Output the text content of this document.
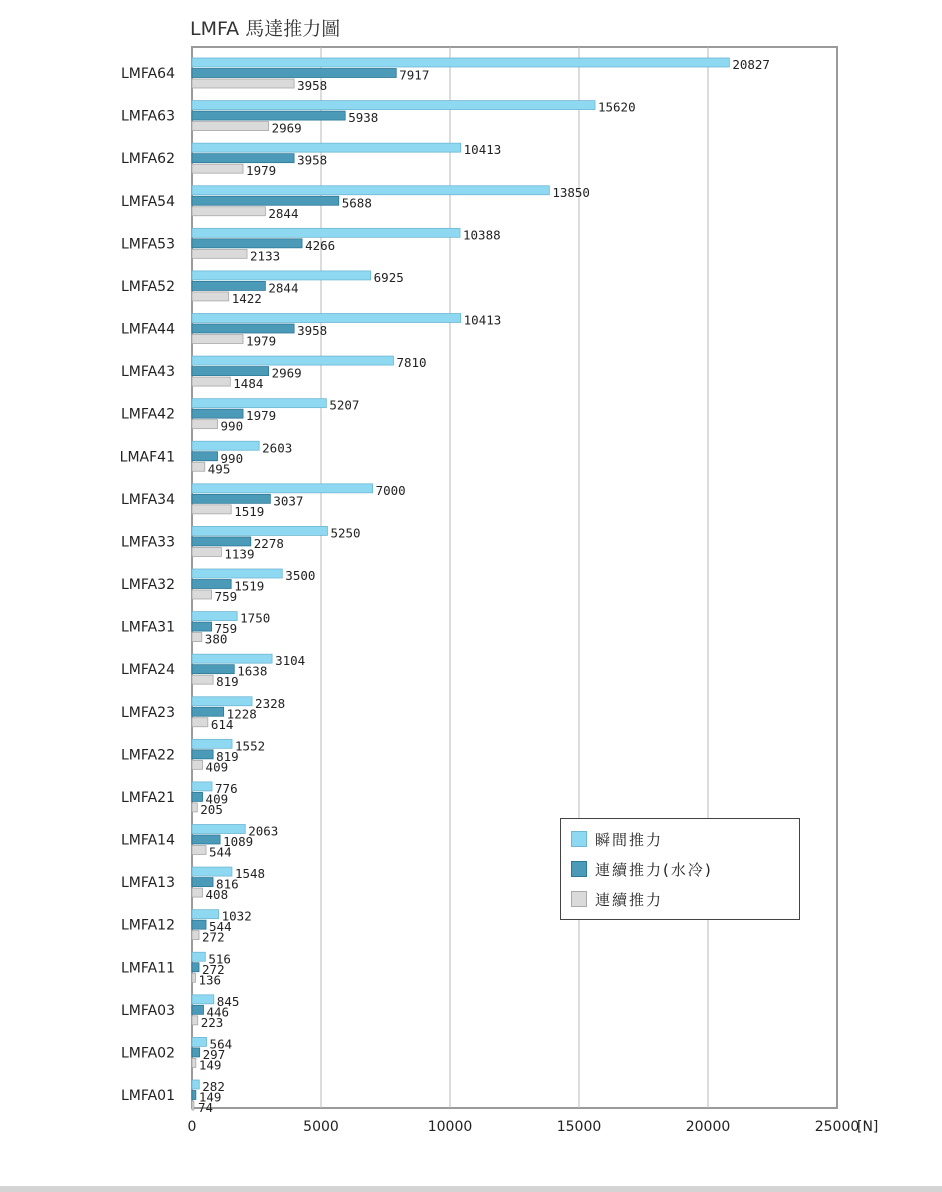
LMFA 馬達推力圖
0	5000	10000	15000	20000	25000
[N]
LMFA64
20827
7917
3958
LMFA63
15620
5938
2969
LMFA62
10413
3958
1979
LMFA54
13850
5688
2844
LMFA53
10388
4266
2133
LMFA52
6925
2844
1422
LMFA44
10413
3958
1979
LMFA43
7810
2969
1484
LMFA42
5207
1979
990
LMAF41
2603
990
495
LMFA34
7000
3037
1519
LMFA33
5250
2278
1139
LMFA32
3500
1519
759
LMFA31
1750
759
380
LMFA24
3104
1638
819
LMFA23
2328
1228
614
LMFA22
1552
819
409
LMFA21
776
409
205
LMFA14
2063
1089
544
LMFA13
1548
816
408
LMFA12
1032
544
272
LMFA11
516
272
136
LMFA03
845
446
223
LMFA02
564
297
149
LMFA01
282
149
74
瞬間推力
連續推力(水冷)
連續推力
